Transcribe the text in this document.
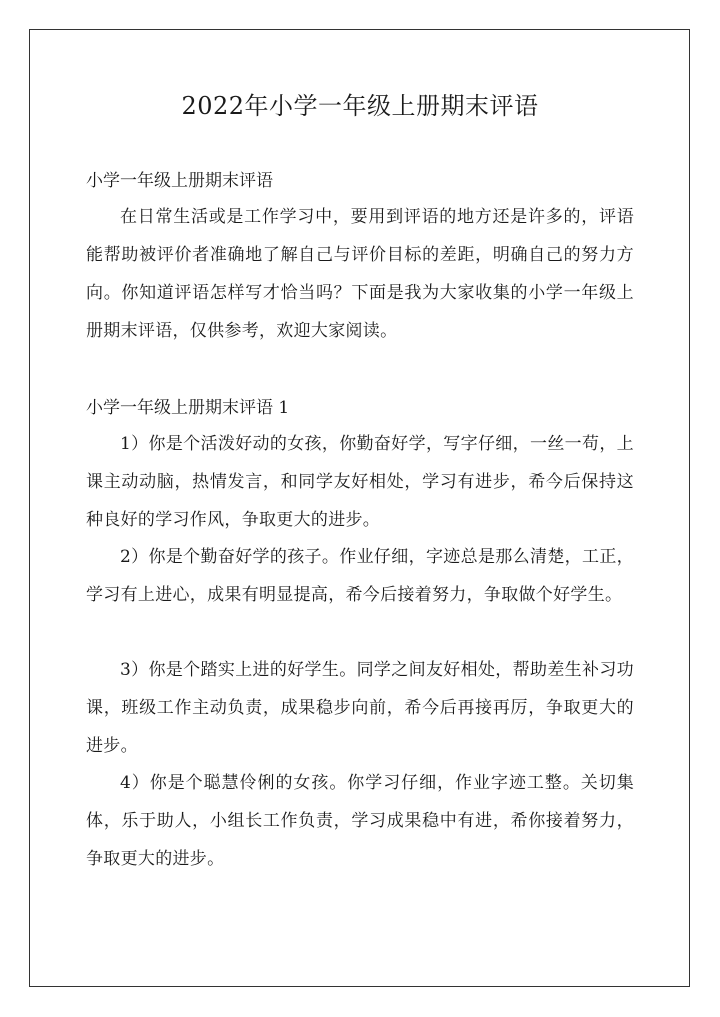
2022年小学一年级上册期末评语

小学一年级上册期末评语

在日常生活或是工作学习中，要用到评语的地方还是许多的，评语能帮助被评价者准确地了解自己与评价目标的差距，明确自己的努力方向。你知道评语怎样写才恰当吗？下面是我为大家收集的小学一年级上册期末评语，仅供参考，欢迎大家阅读。

小学一年级上册期末评语 1

1）你是个活泼好动的女孩，你勤奋好学，写字仔细，一丝一苟，上课主动动脑，热情发言，和同学友好相处，学习有进步，希今后保持这种良好的学习作风，争取更大的进步。

2）你是个勤奋好学的孩子。作业仔细，字迹总是那么清楚，工正，学习有上进心，成果有明显提高，希今后接着努力，争取做个好学生。

3）你是个踏实上进的好学生。同学之间友好相处，帮助差生补习功课，班级工作主动负责，成果稳步向前，希今后再接再厉，争取更大的进步。

4）你是个聪慧伶俐的女孩。你学习仔细，作业字迹工整。关切集体，乐于助人，小组长工作负责，学习成果稳中有进，希你接着努力，争取更大的进步。
